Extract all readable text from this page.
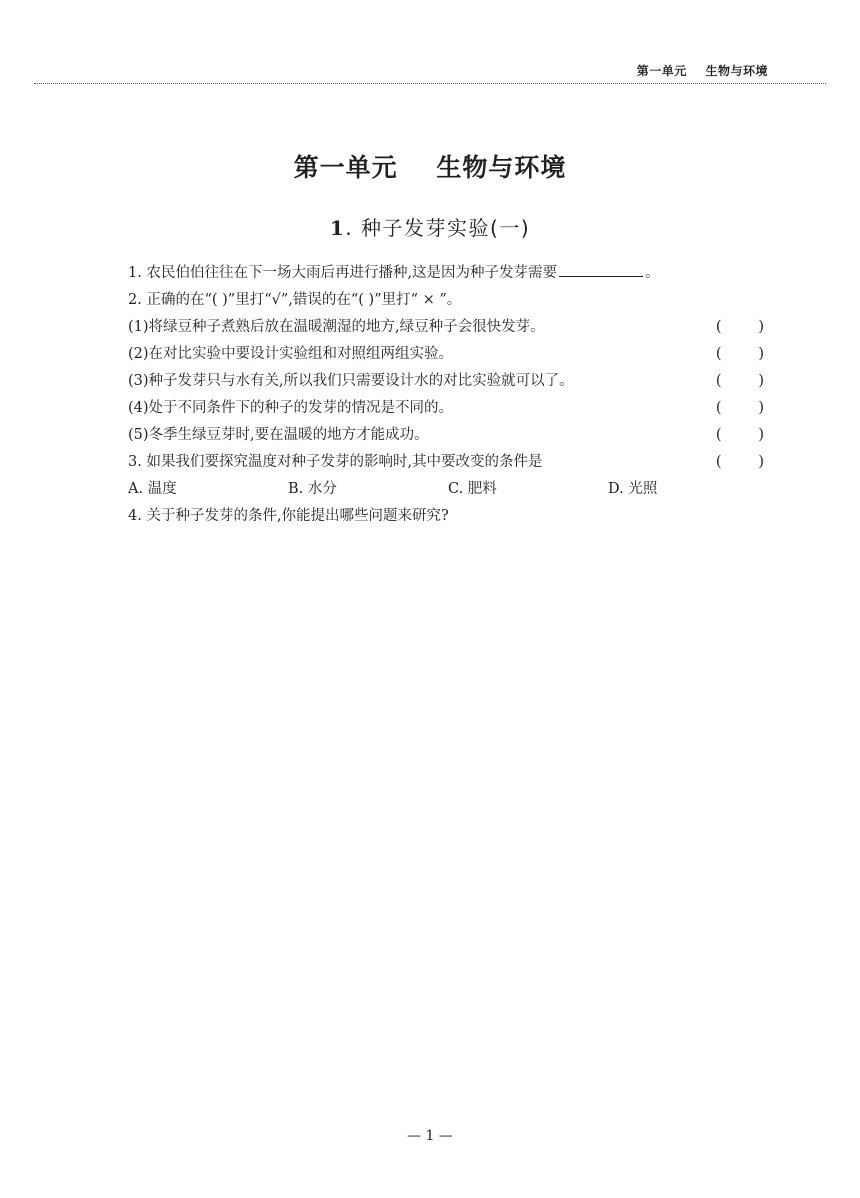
第一单元    生物与环境
第一单元    生物与环境
1. 种子发芽实验(一)
1. 农民伯伯往往在下一场大雨后再进行播种,这是因为种子发芽需要	。
2. 正确的在“( )”里打“√”,错误的在“( )”里打“ × ”。
(1)将绿豆种子煮熟后放在温暖潮湿的地方,绿豆种子会很快发芽。	(        )
(2)在对比实验中要设计实验组和对照组两组实验。	(        )
(3)种子发芽只与水有关,所以我们只需要设计水的对比实验就可以了。	(        )
(4)处于不同条件下的种子的发芽的情况是不同的。	(        )
(5)冬季生绿豆芽时,要在温暖的地方才能成功。	(        )
3. 如果我们要探究温度对种子发芽的影响时,其中要改变的条件是	(        )
A. 温度	B. 水分	C. 肥料	D. 光照
4. 关于种子发芽的条件,你能提出哪些问题来研究?
— 1 —
